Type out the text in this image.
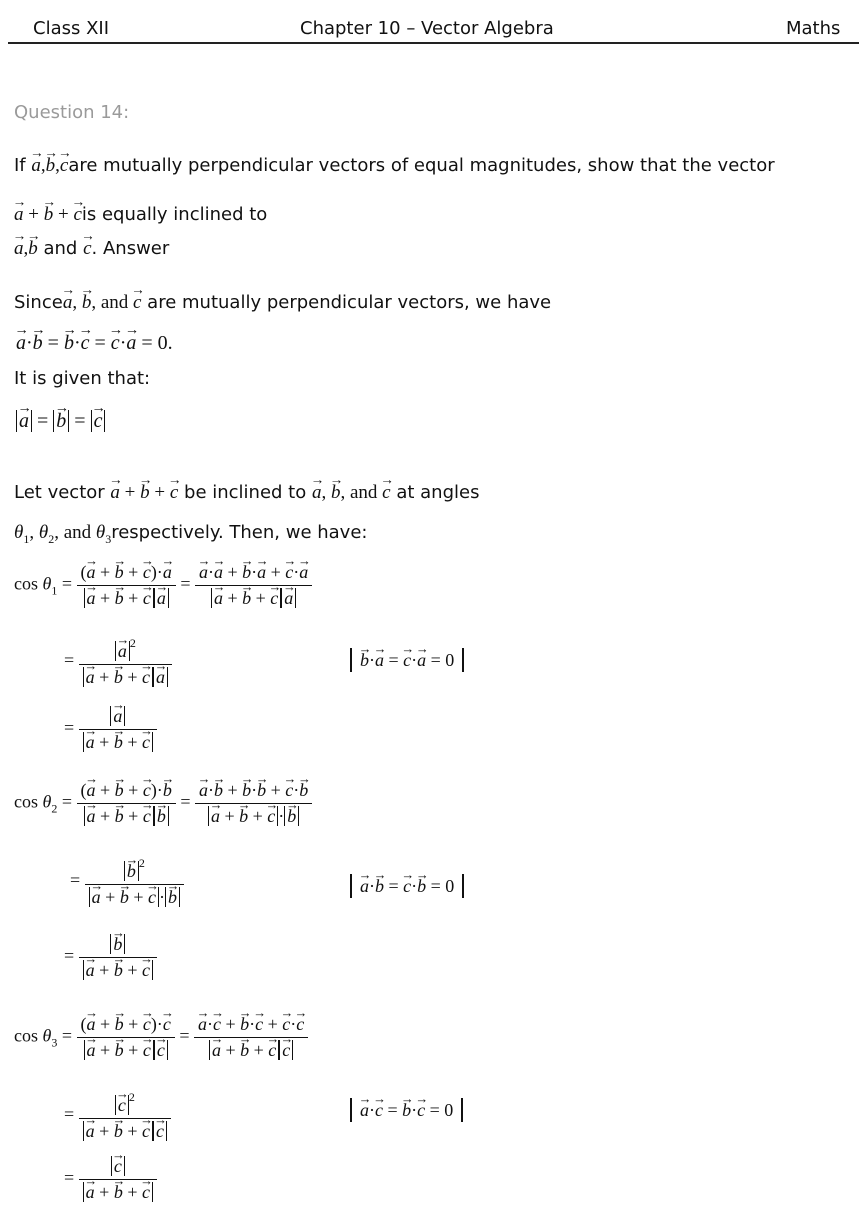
Class XII	Chapter 10 – Vector Algebra	Maths
Question 14:
If → a,→ b,→ care mutually perpendicular vectors of equal magnitudes, show that the vector
→ a + → b + → cis equally inclined to
→ a,→ b and → c. Answer
Since→ a, → b, and → c are mutually perpendicular vectors, we have
→ a·→ b = → b·→ c = → c·→ a = 0.
It is given that:
→ a = → b = → c
Let vector → a + → b + → c be inclined to → a, → b, and → c at angles
$\theta_1$, $\theta_2$, and $\theta_3respectively$. Then, we have:
$\cos \theta_1$ = (→ a + → b + → c)·→ a
→ a + → b + → c → a = → a·→ a + → b·→ a + → c·→ a
→ a + → b + → c → a
= → a $^2$
→ a + → b + → c → a	→ b·→ a = → c·→ a = 0
= → a
→ a + → b + → c
$\cos \theta_2$ = (→ a + → b + → c)·→ b
→ a + → b + → c → b = → a·→ b + → b·→ b + → c·→ b
→ a + → b + → c · → b
= → b $^2$
→ a + → b + → c · → b	→ a·→ b = → c·→ b = 0
= → b
→ a + → b + → c
$\cos \theta_3$ = (→ a + → b + → c)·→ c
→ a + → b + → c → c = → a·→ c + → b·→ c + → c·→ c
→ a + → b + → c → c
= → c $^2$
→ a + → b + → c → c	→ a·→ c = → b·→ c = 0
= → c
→ a + → b + → c
